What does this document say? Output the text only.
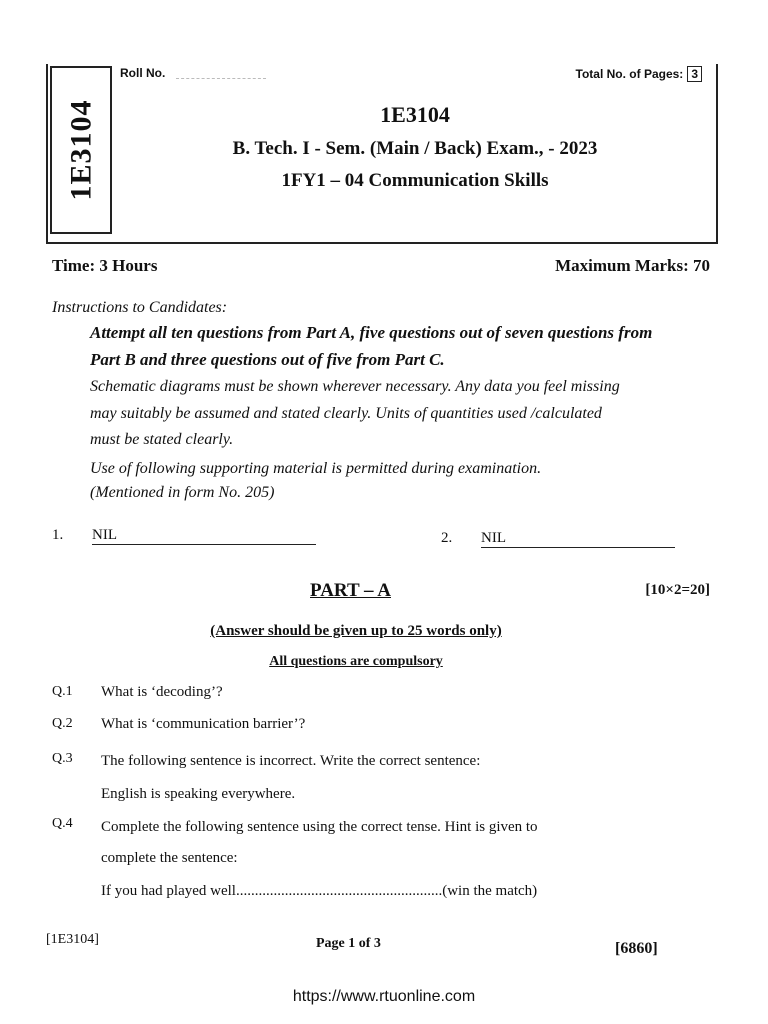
1E3104
Roll No.	Total No. of Pages: 3
1E3104
B. Tech. I - Sem. (Main / Back) Exam., - 2023
1FY1 – 04 Communication Skills
Time: 3 Hours	Maximum Marks: 70
Instructions to Candidates:
Attempt all ten questions from Part A, five questions out of seven questions from
Part B and three questions out of five from Part C.
Schematic diagrams must be shown wherever necessary. Any data you feel missing
may suitably be assumed and stated clearly. Units of quantities used /calculated
must be stated clearly.
Use of following supporting material is permitted during examination.
(Mentioned in form No. 205)
1. NIL	2. NIL
PART – A	[10×2=20]
(Answer should be given up to 25 words only)
All questions are compulsory
Q.1 What is ‘decoding’?
Q.2 What is ‘communication barrier’?
Q.3 The following sentence is incorrect. Write the correct sentence:
English is speaking everywhere.
Q.4 Complete the following sentence using the correct tense. Hint is given to
complete the sentence:
If you had played well.......................................................(win the match)
[1E3104]	Page 1 of 3	[6860]
https://www.rtuonline.com
